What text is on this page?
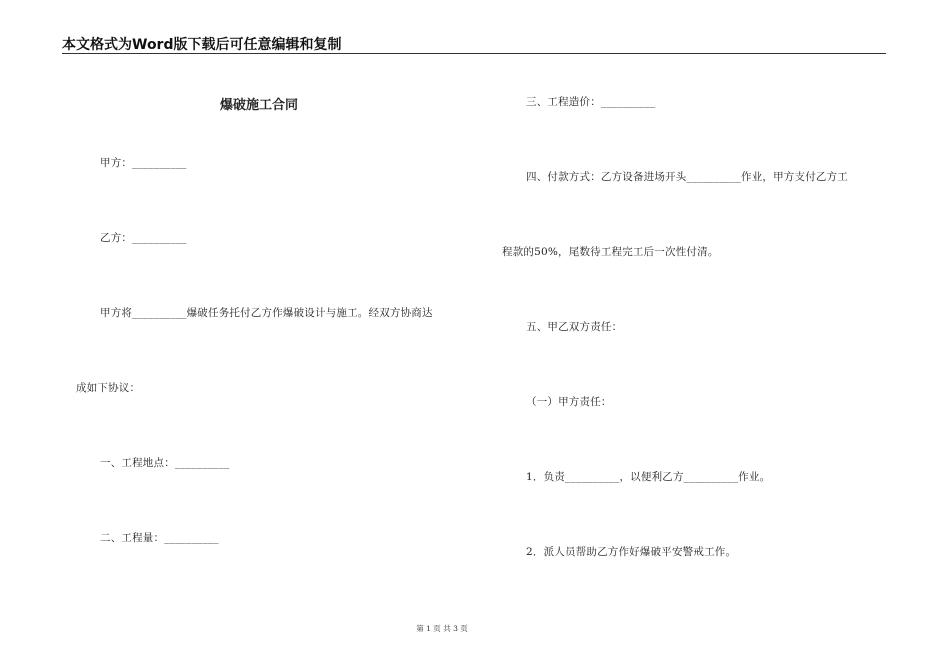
本文格式为Word版下载后可任意编辑和复制
爆破施工合同
甲方：__________
乙方：__________
甲方将__________爆破任务托付乙方作爆破设计与施工。经双方协商达
成如下协议：
一、工程地点：__________
二、工程量：__________
三、工程造价：__________
四、付款方式：乙方设备进场开头__________作业，甲方支付乙方工
程款的50%，尾数待工程完工后一次性付清。
五、甲乙双方责任：
（一）甲方责任：
1．负责__________，以便利乙方__________作业。
2．派人员帮助乙方作好爆破平安警戒工作。
第 1 页 共 3 页
